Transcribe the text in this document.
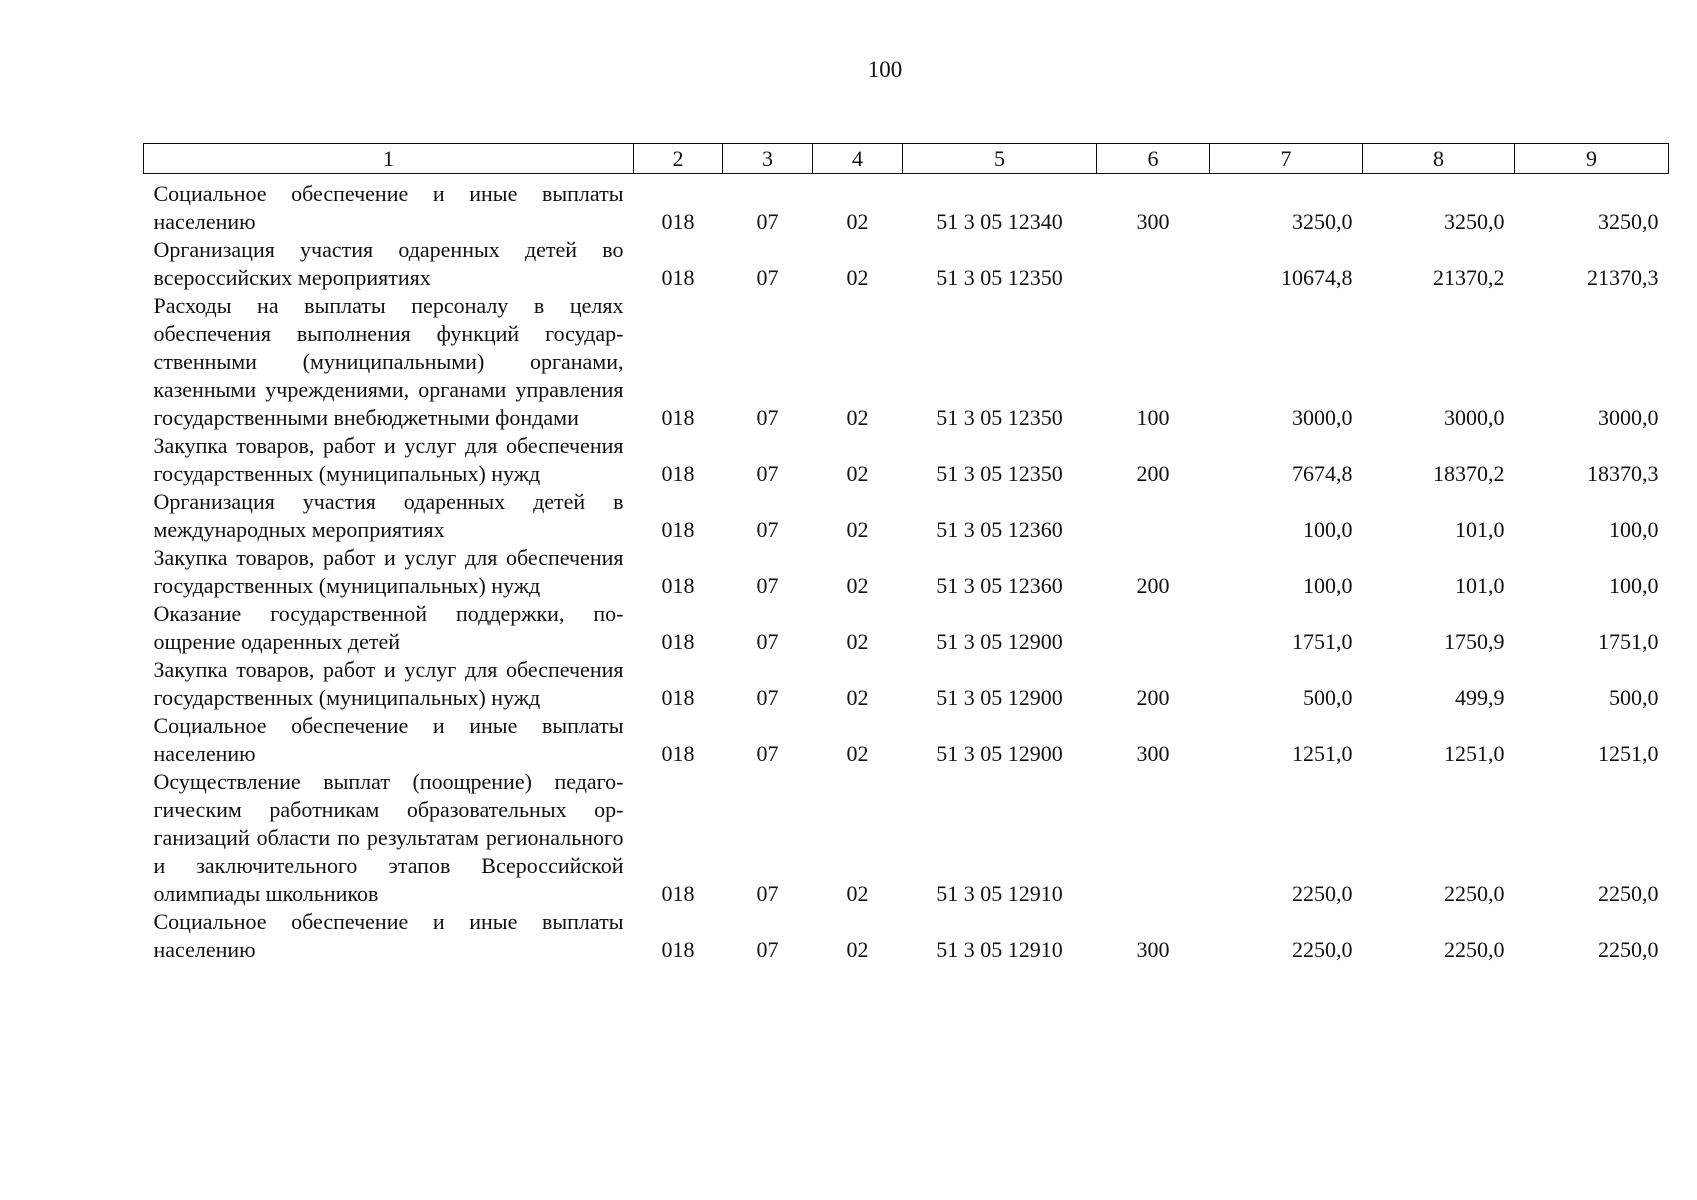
100
1	2	3	4	5	6	7	8	9

Социальное обеспечение и иные выплаты населению	018	07	02	51 3 05 12340	300	3250,0	3250,0	3250,0
Организация участия одаренных детей во всероссийских мероприятиях	018	07	02	51 3 05 12350		10674,8	21370,2	21370,3
Расходы на выплаты персоналу в целях обеспечения выполнения функций государственными (муниципальными) органами, казенными учреждениями, органами управления государственными внебюджетными фондами	018	07	02	51 3 05 12350	100	3000,0	3000,0	3000,0
Закупка товаров, работ и услуг для обеспечения государственных (муниципальных) нужд	018	07	02	51 3 05 12350	200	7674,8	18370,2	18370,3
Организация участия одаренных детей в международных мероприятиях	018	07	02	51 3 05 12360		100,0	101,0	100,0
Закупка товаров, работ и услуг для обеспечения государственных (муниципальных) нужд	018	07	02	51 3 05 12360	200	100,0	101,0	100,0
Оказание государственной поддержки, поощрение одаренных детей	018	07	02	51 3 05 12900		1751,0	1750,9	1751,0
Закупка товаров, работ и услуг для обеспечения государственных (муниципальных) нужд	018	07	02	51 3 05 12900	200	500,0	499,9	500,0
Социальное обеспечение и иные выплаты населению	018	07	02	51 3 05 12900	300	1251,0	1251,0	1251,0
Осуществление выплат (поощрение) педагогическим работникам образовательных организаций области по результатам регионального и заключительного этапов Всероссийской олимпиады школьников	018	07	02	51 3 05 12910		2250,0	2250,0	2250,0
Социальное обеспечение и иные выплаты населению	018	07	02	51 3 05 12910	300	2250,0	2250,0	2250,0
